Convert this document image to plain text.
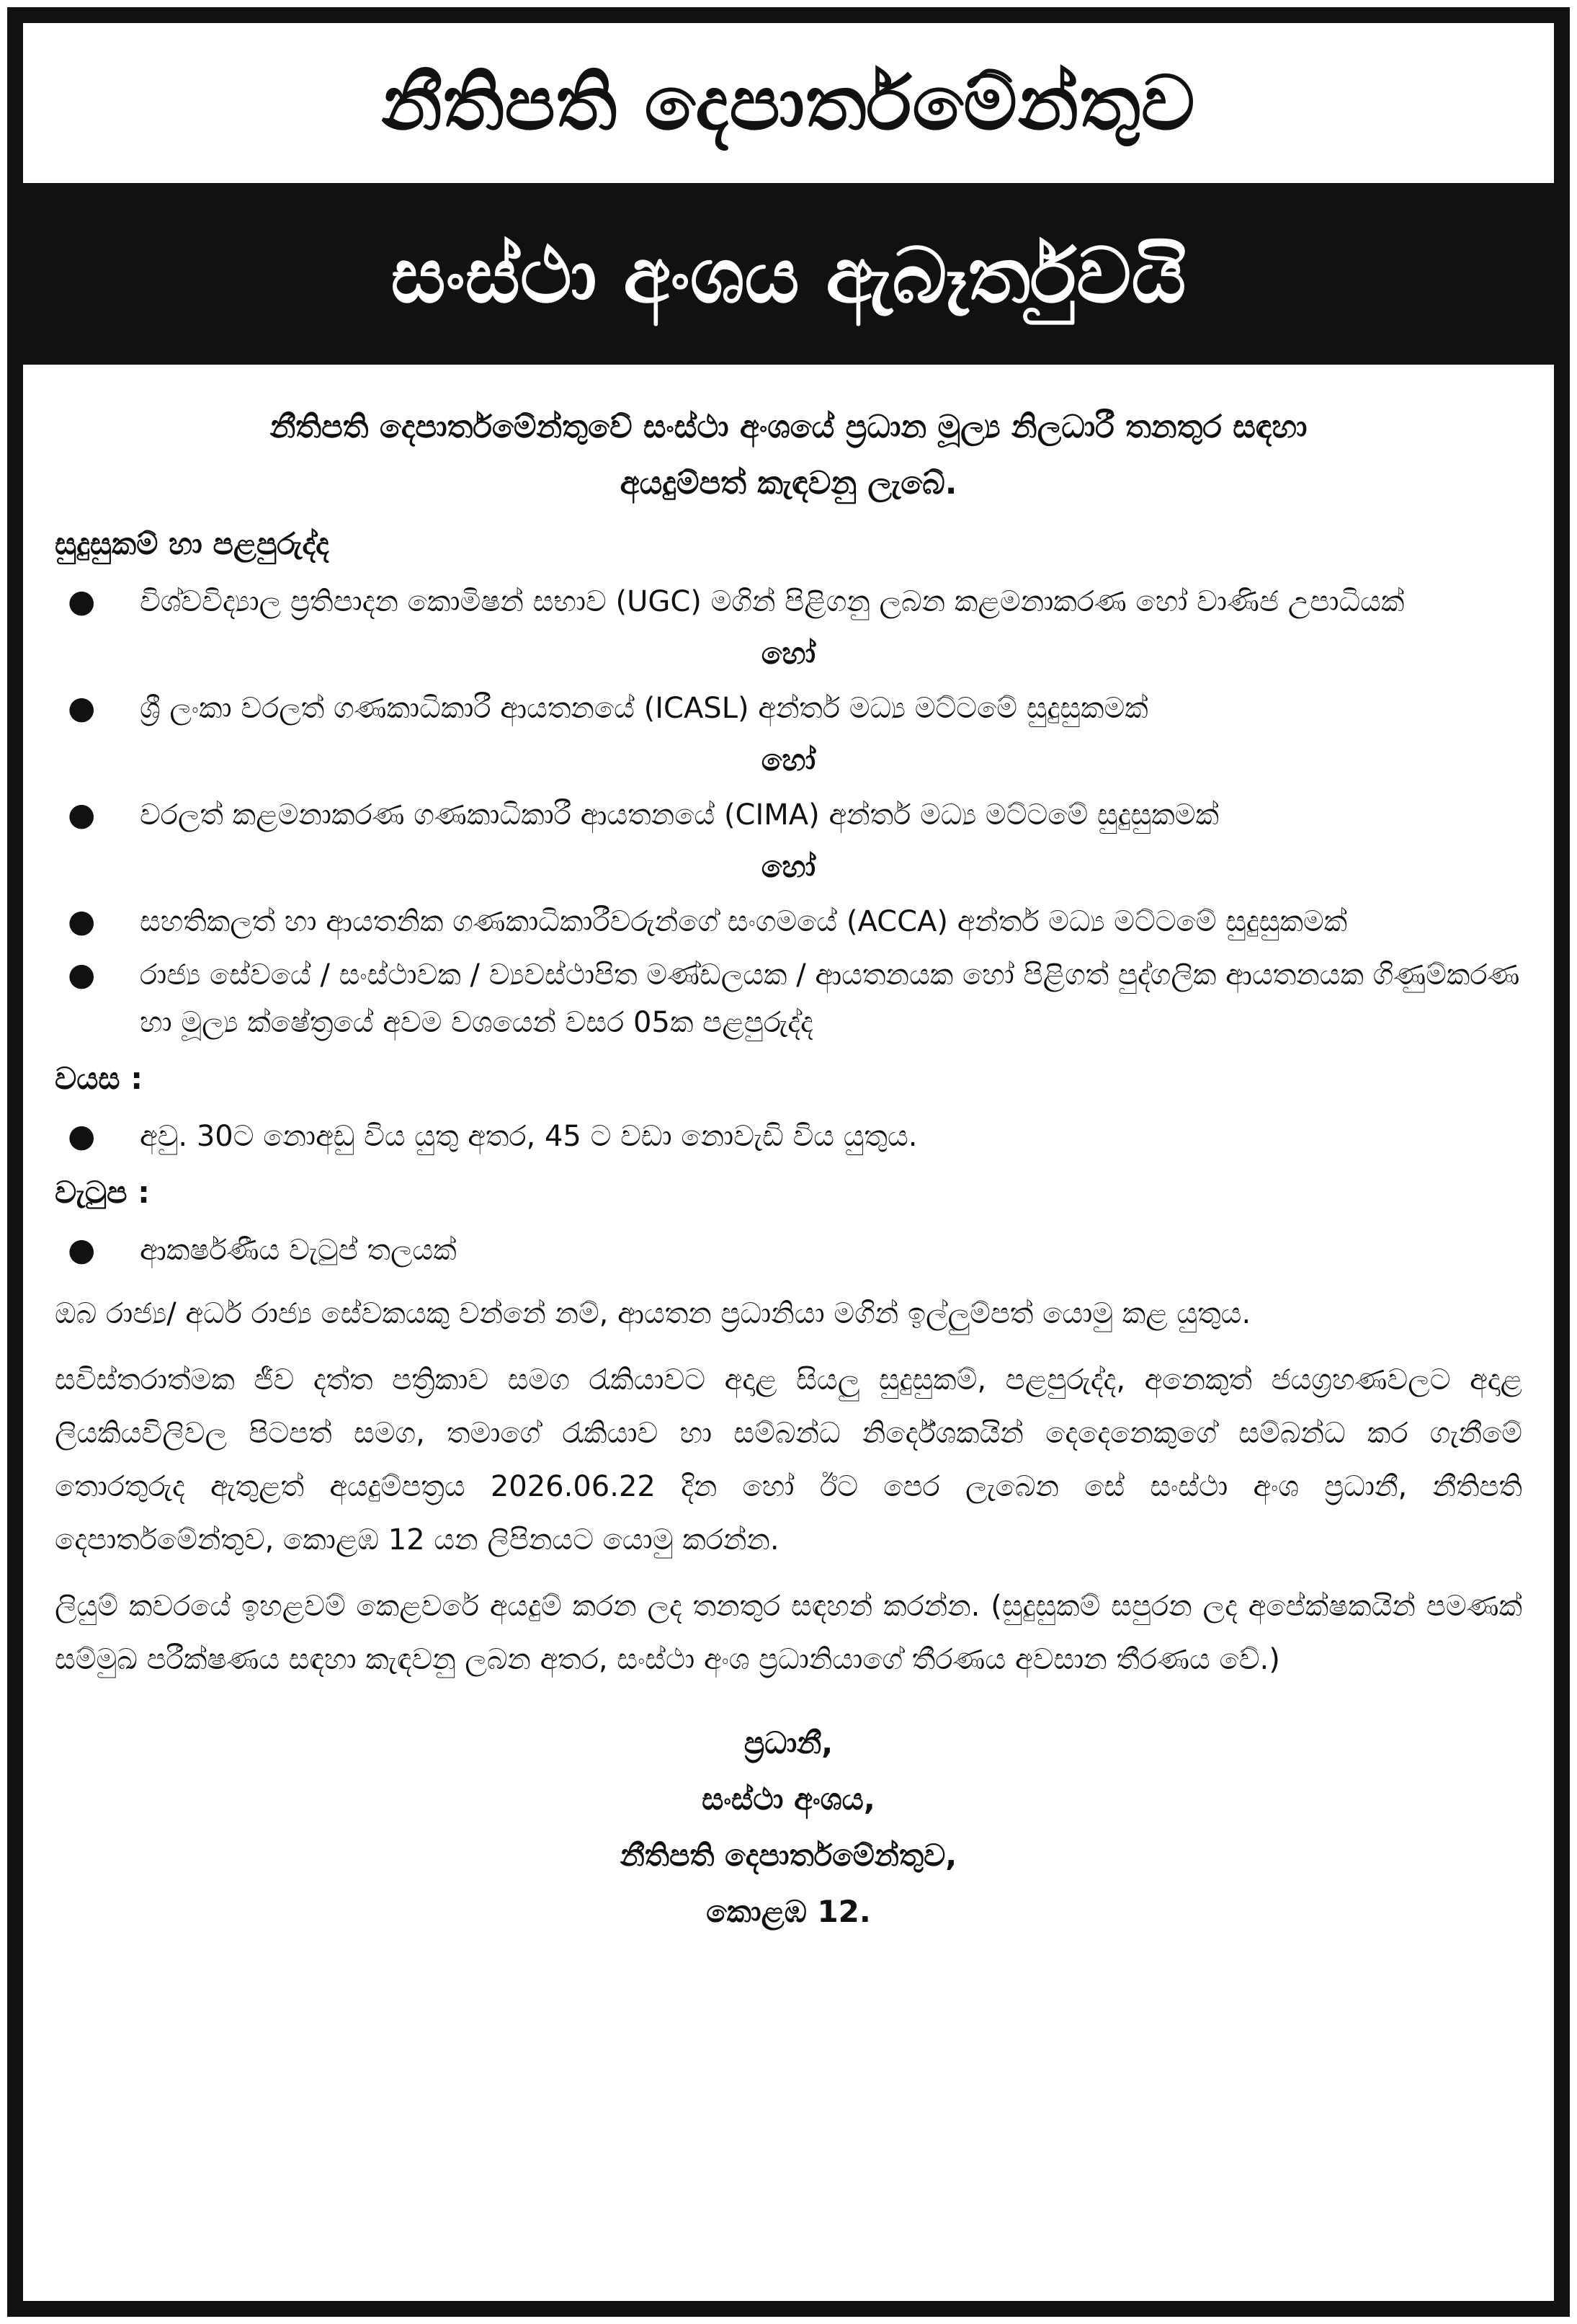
නීතිපති දෙපාර්තමේන්තුව
සංස්ථා අංශය ඇබෑර්තුවයි
නීතිපති දෙපාර්තමේන්තුවේ සංස්ථා අංශයේ ප්‍රධාන මූල්‍ය නිලධාරී තනතුර සඳහා
අයදුම්පත් කැඳවනු ලැබේ.
සුදුසුකම් හා පළපුරුද්ද
●	විශ්වවිද්‍යාල ප්‍රතිපාදන කොමිෂන් සභාව (UGC) මගින් පිළිගනු ලබන කළමනාකරණ හෝ වාණිජ උපාධියක්
හෝ
●	ශ්‍රී ලංකා වරලත් ගණකාධිකාරී ආයතනයේ (ICASL) අන්තර් මධ්‍ය මට්ටමේ සුදුසුකමක්
හෝ
●	වරලත් කළමනාකරණ ගණකාධිකාරී ආයතනයේ (CIMA) අන්තර් මධ්‍ය මට්ටමේ සුදුසුකමක්
හෝ
●	සහතිකලත් හා ආයතනික ගණකාධිකාරීවරුන්ගේ සංගමයේ (ACCA) අන්තර් මධ්‍ය මට්ටමේ සුදුසුකමක්
●	රාජ්‍ය සේවයේ / සංස්ථාවක / ව්‍යවස්ථාපිත මණ්ඩලයක / ආයතනයක හෝ පිළිගත් පුද්ගලික ආයතනයක ගිණුම්කරණ හා මූල්‍ය ක්ෂේත්‍රයේ අවම වශයෙන් වසර 05ක පළපුරුද්ද
වයස :
●	අවු. 30ට නොඅඩු විය යුතු අතර, 45 ට වඩා නොවැඩි විය යුතුය.
වැටුප :
●	ආකර්ෂණීය වැටුප් තලයක්
ඔබ රාජ්‍ය/ අර්ධ රාජ්‍ය සේවකයකු වන්නේ නම්, ආයතන ප්‍රධානියා මගින් ඉල්ලුම්පත් යොමු කළ යුතුය.
සවිස්තරාත්මක ජීව දත්ත පත්‍රිකාව සමග රැකියාවට අදාළ සියලු සුදුසුකම්, පළපුරුද්ද, අනෙකුත් ජයග්‍රහණවලට අදාළ ලියකියවිලිවල පිටපත් සමග, තමාගේ රැකියාව හා සම්බන්ධ නිර්දේශකයින් දෙදෙනෙකුගේ සම්බන්ධ කර ගැනීමේ තොරතුරුද ඇතුළත් අයදුම්පත්‍රය 2026.06.22 දින හෝ ඊට පෙර ලැබෙන සේ සංස්ථා අංශ ප්‍රධානී, නීතිපති දෙපාර්තමේන්තුව, කොළඹ 12 යන ලිපිනයට යොමු කරන්න.
ලියුම් කවරයේ ඉහළවම් කෙළවරේ අයදුම් කරන ලද තනතුර සඳහන් කරන්න. (සුදුසුකම් සපුරන ලද අපේක්ෂකයින් පමණක් සම්මුඛ පරීක්ෂණය සඳහා කැඳවනු ලබන අතර, සංස්ථා අංශ ප්‍රධානියාගේ තීරණය අවසාන තීරණය වේ.)
ප්‍රධානී,
සංස්ථා අංශය,
නීතිපති දෙපාර්තමේන්තුව,
කොළඹ 12.
